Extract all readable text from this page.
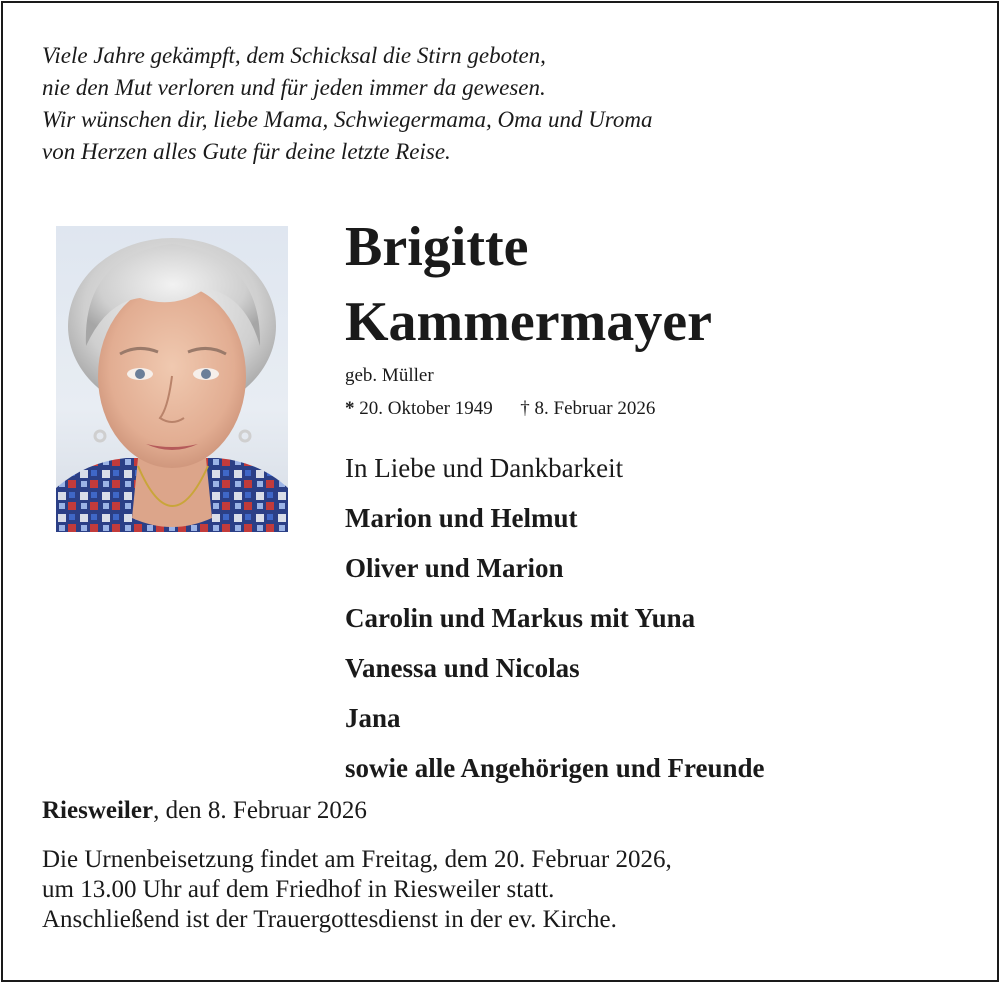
Viele Jahre gekämpft, dem Schicksal die Stirn geboten,
nie den Mut verloren und für jeden immer da gewesen.
Wir wünschen dir, liebe Mama, Schwiegermama, Oma und Uroma
von Herzen alles Gute für deine letzte Reise.
Brigitte
Kammermayer
geb. Müller
* 20. Oktober 1949 † 8. Februar 2026
In Liebe und Dankbarkeit
Marion und Helmut
Oliver und Marion
Carolin und Markus mit Yuna
Vanessa und Nicolas
Jana
sowie alle Angehörigen und Freunde
Riesweiler, den 8. Februar 2026
Die Urnenbeisetzung findet am Freitag, dem 20. Februar 2026,
um 13.00 Uhr auf dem Friedhof in Riesweiler statt.
Anschließend ist der Trauergottesdienst in der ev. Kirche.
